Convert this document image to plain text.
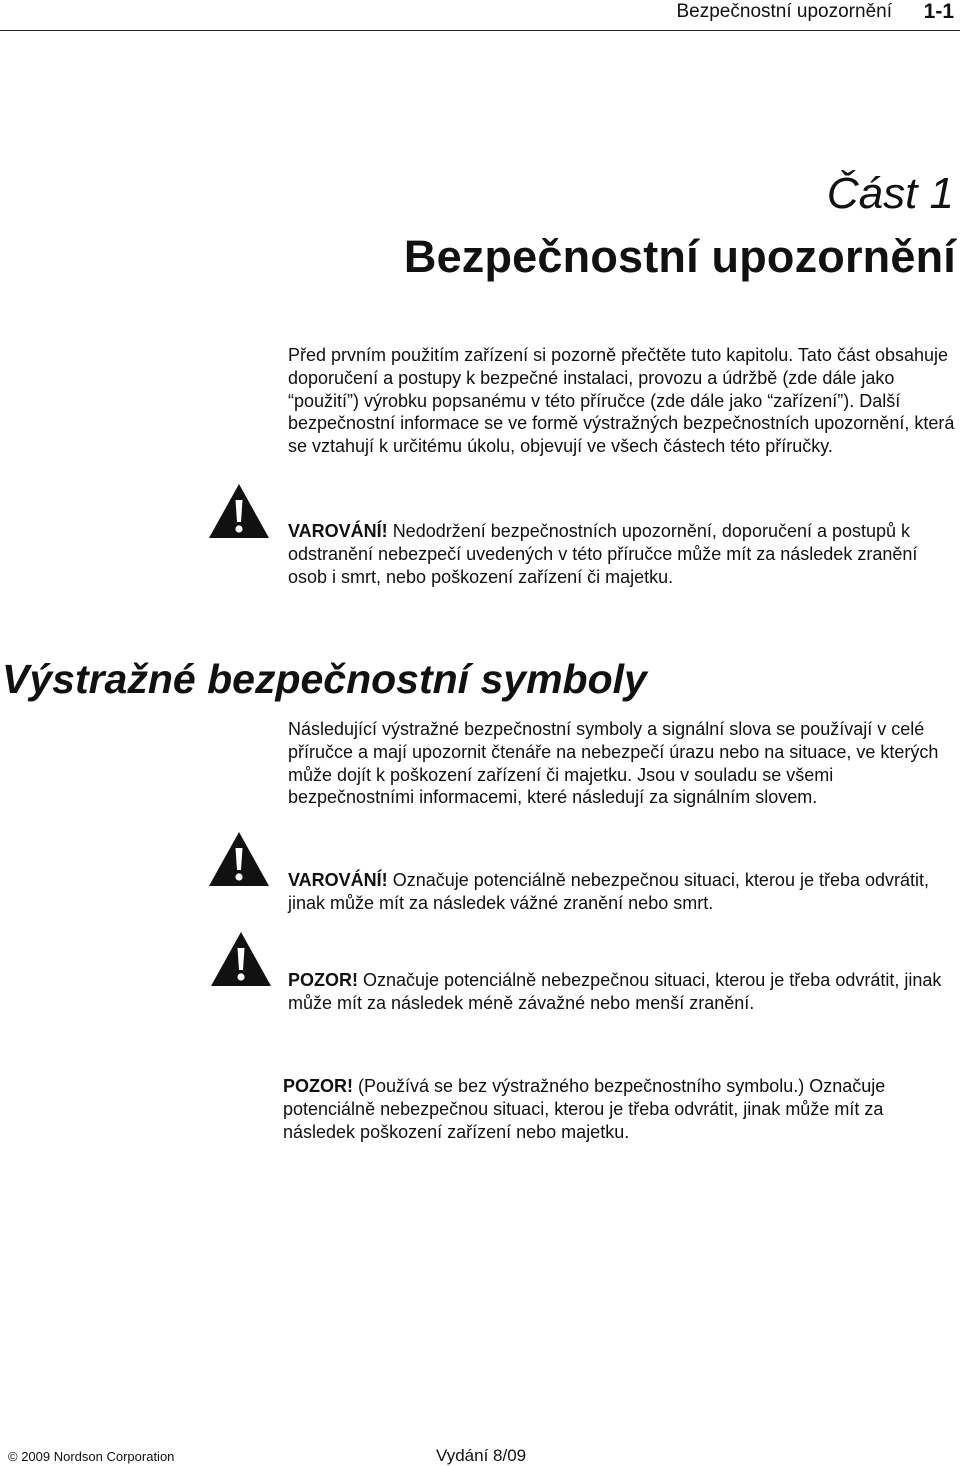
Bezpečnostní upozornění 1-1
Část 1
Bezpečnostní upozornění

Před prvním použitím zařízení si pozorně přečtěte tuto kapitolu. Tato část obsahuje doporučení a postupy k bezpečné instalaci, provozu a údržbě (zde dále jako “použití”) výrobku popsanému v této příručce (zde dále jako “zařízení”). Další bezpečnostní informace se ve formě výstražných bezpečnostních upozornění, která se vztahují k určitému úkolu, objevují ve všech částech této příručky.

VAROVÁNÍ! Nedodržení bezpečnostních upozornění, doporučení a postupů k odstranění nebezpečí uvedených v této příručce může mít za následek zranění osob i smrt, nebo poškození zařízení či majetku.

Výstražné bezpečnostní symboly

Následující výstražné bezpečnostní symboly a signální slova se používají v celé příručce a mají upozornit čtenáře na nebezpečí úrazu nebo na situace, ve kterých může dojít k poškození zařízení či majetku. Jsou v souladu se všemi bezpečnostními informacemi, které následují za signálním slovem.

VAROVÁNÍ! Označuje potenciálně nebezpečnou situaci, kterou je třeba odvrátit, jinak může mít za následek vážné zranění nebo smrt.

POZOR! Označuje potenciálně nebezpečnou situaci, kterou je třeba odvrátit, jinak může mít za následek méně závažné nebo menší zranění.

POZOR! (Používá se bez výstražného bezpečnostního symbolu.) Označuje potenciálně nebezpečnou situaci, kterou je třeba odvrátit, jinak může mít za následek poškození zařízení nebo majetku.

© 2009 Nordson Corporation	Vydání 8/09
